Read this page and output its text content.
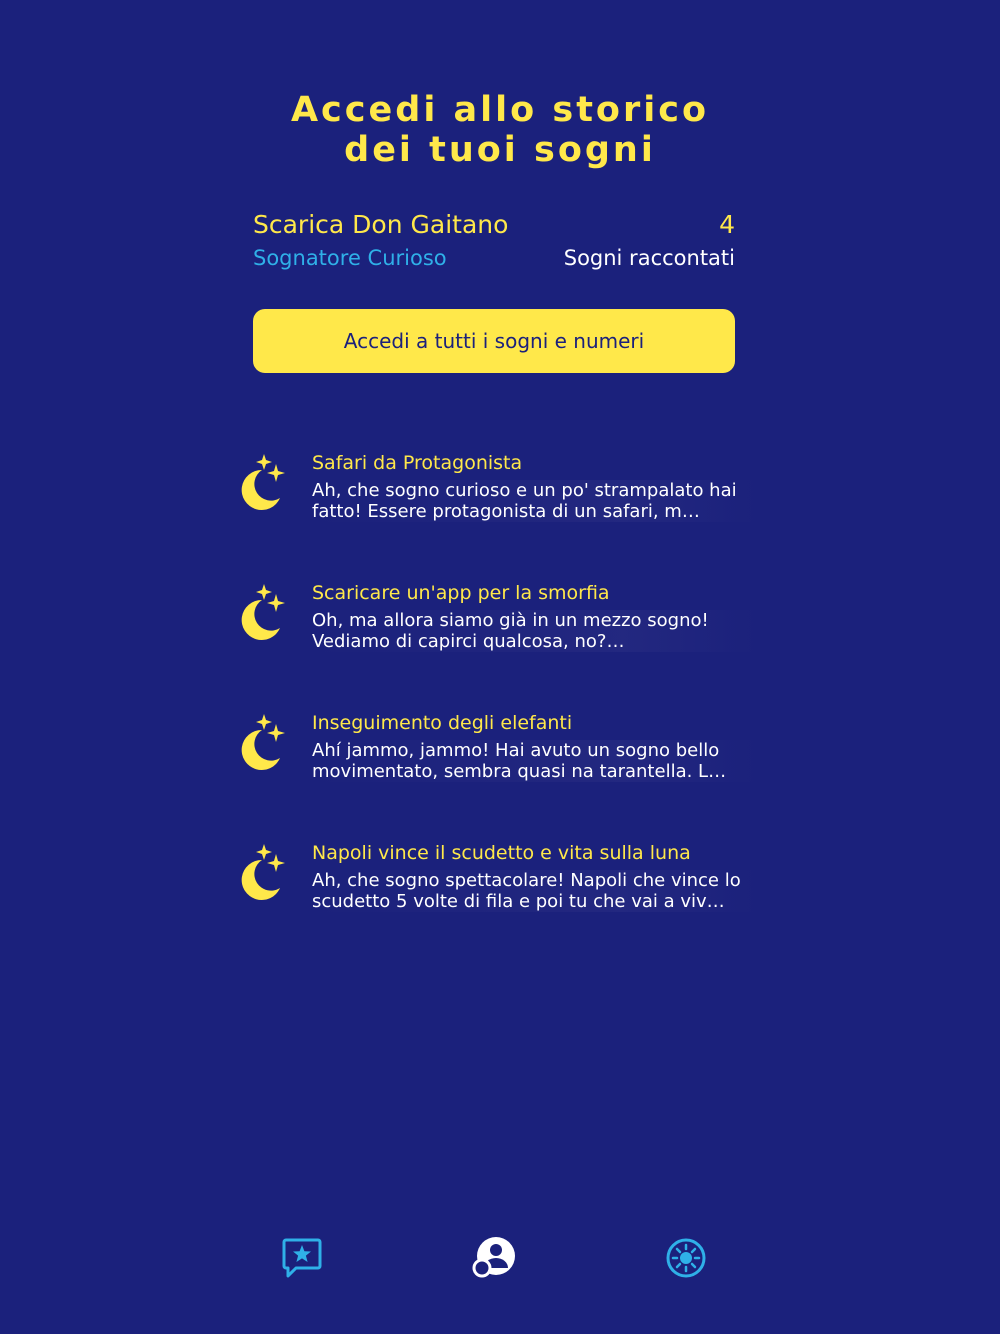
Accedi allo storico
dei tuoi sogni
Scarica Don Gaitano
Sognatore Curioso
4
Sogni raccontati
Accedi a tutti i sogni e numeri
Safari da Protagonista
Ah, che sogno curioso e un po' strampalato hai fatto! Essere protagonista di un safari, m…
Scaricare un'app per la smorfia
Oh, ma allora siamo già in un mezzo sogno! Vediamo di capirci qualcosa, no?…
Inseguimento degli elefanti
Ahí jammo, jammo! Hai avuto un sogno bello movimentato, sembra quasi na tarantella. L…
Napoli vince il scudetto e vita sulla luna
Ah, che sogno spettacolare! Napoli che vince lo scudetto 5 volte di fila e poi tu che vai a viv…
